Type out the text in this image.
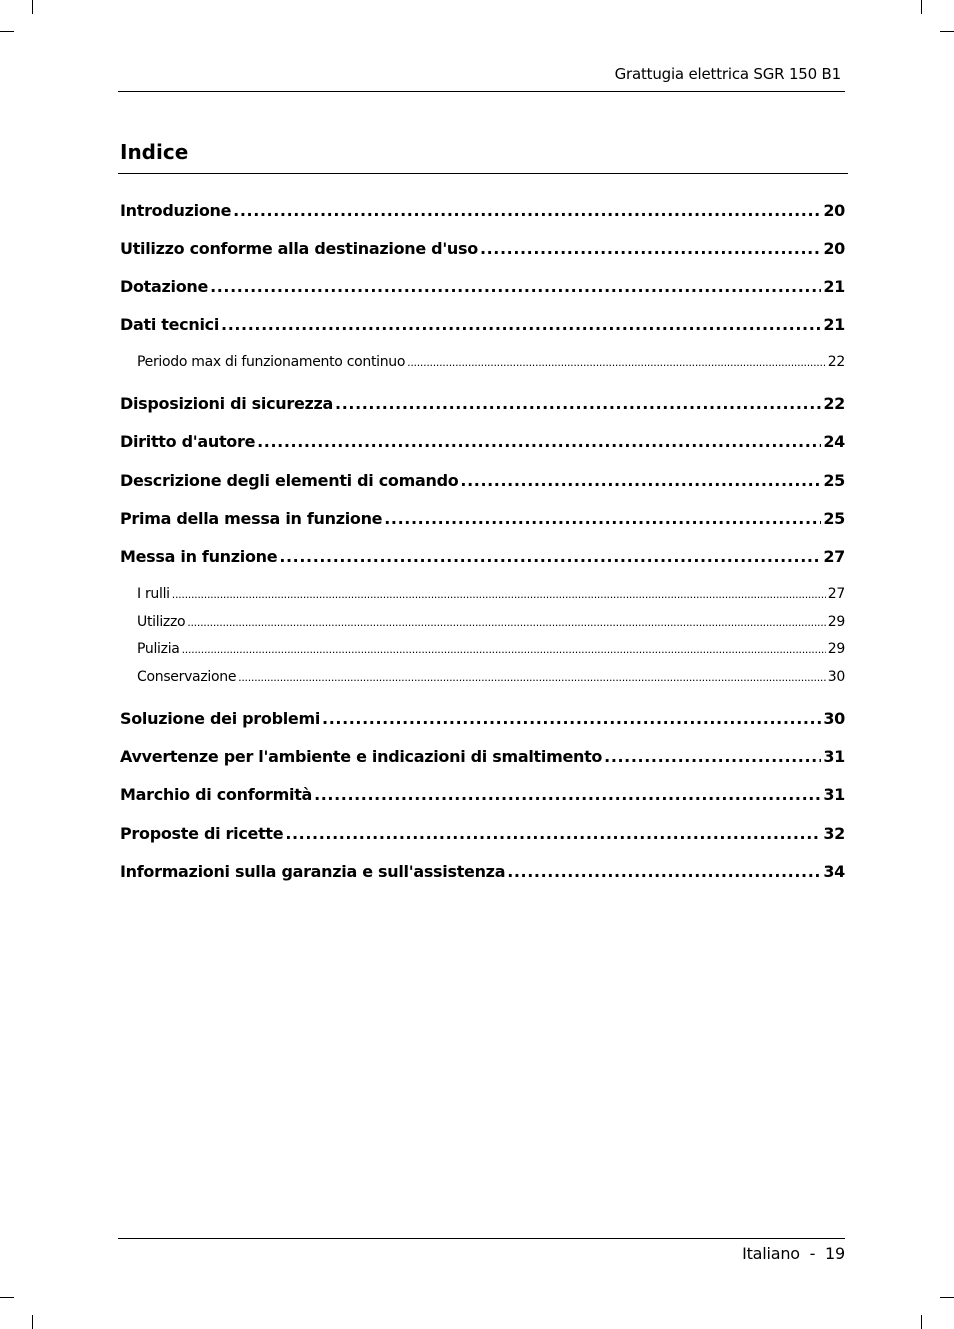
Grattugia elettrica SGR 150 B1
Indice
Introduzione .....	20
Utilizzo conforme alla destinazione d'uso .....	20
Dotazione .....	21
Dati tecnici .....	21
Periodo max di funzionamento continuo .....	22
Disposizioni di sicurezza .....	22
Diritto d'autore .....	24
Descrizione degli elementi di comando .....	25
Prima della messa in funzione .....	25
Messa in funzione .....	27
I rulli .....	27
Utilizzo .....	29
Pulizia .....	29
Conservazione .....	30
Soluzione dei problemi .....	30
Avvertenze per l'ambiente e indicazioni di smaltimento .....	31
Marchio di conformità .....	31
Proposte di ricette .....	32
Informazioni sulla garanzia e sull'assistenza .....	34
Italiano - 19
